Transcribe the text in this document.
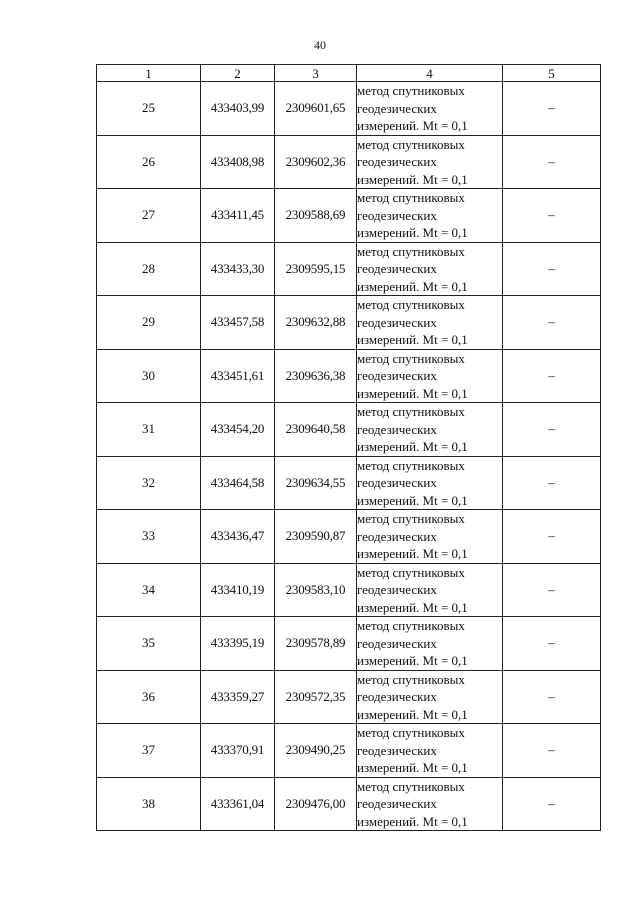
40
1	2	3	4	5
25	433403,99	2309601,65	метод спутниковых
геодезических
измерений. Mt = 0,1	–
26	433408,98	2309602,36	метод спутниковых
геодезических
измерений. Mt = 0,1	–
27	433411,45	2309588,69	метод спутниковых
геодезических
измерений. Mt = 0,1	–
28	433433,30	2309595,15	метод спутниковых
геодезических
измерений. Mt = 0,1	–
29	433457,58	2309632,88	метод спутниковых
геодезических
измерений. Mt = 0,1	–
30	433451,61	2309636,38	метод спутниковых
геодезических
измерений. Mt = 0,1	–
31	433454,20	2309640,58	метод спутниковых
геодезических
измерений. Mt = 0,1	–
32	433464,58	2309634,55	метод спутниковых
геодезических
измерений. Mt = 0,1	–
33	433436,47	2309590,87	метод спутниковых
геодезических
измерений. Mt = 0,1	–
34	433410,19	2309583,10	метод спутниковых
геодезических
измерений. Mt = 0,1	–
35	433395,19	2309578,89	метод спутниковых
геодезических
измерений. Mt = 0,1	–
36	433359,27	2309572,35	метод спутниковых
геодезических
измерений. Mt = 0,1	–
37	433370,91	2309490,25	метод спутниковых
геодезических
измерений. Mt = 0,1	–
38	433361,04	2309476,00	метод спутниковых
геодезических
измерений. Mt = 0,1	–
